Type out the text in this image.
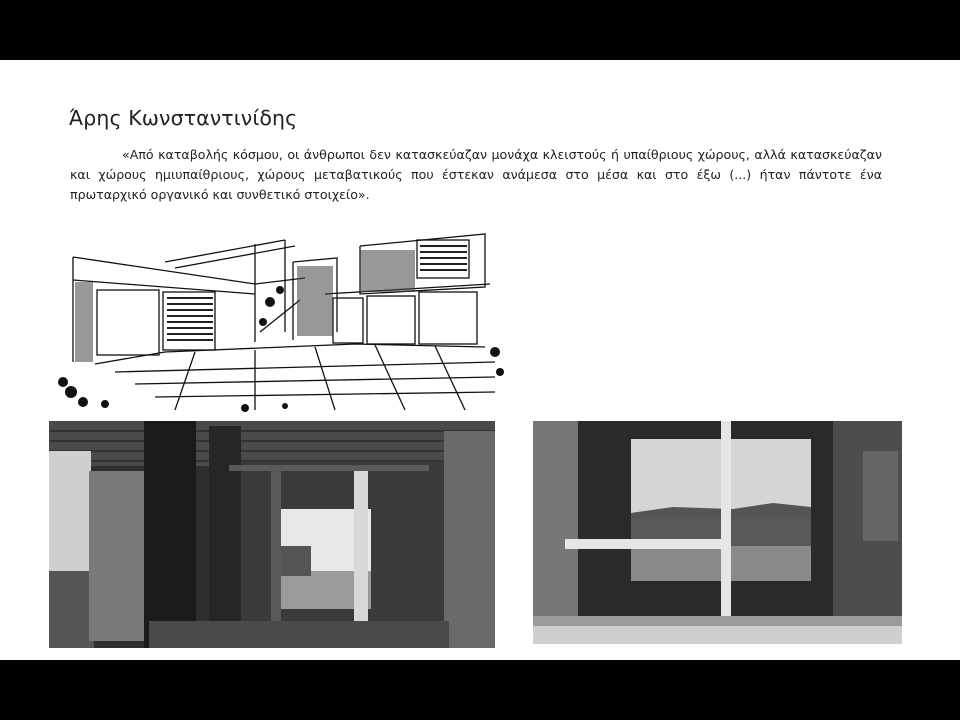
Άρης Κωνσταντινίδης

«Από καταβολής κόσμου, οι άνθρωποι δεν κατασκεύαζαν μονάχα κλειστούς ή υπαίθριους χώρους, αλλά κατασκεύαζαν και χώρους ημιυπαίθριους, χώρους μεταβατικούς που έστεκαν ανάμεσα στο μέσα και στο έξω (...) ήταν πάντοτε ένα πρωταρχικό οργανικό και συνθετικό στοιχείο».
